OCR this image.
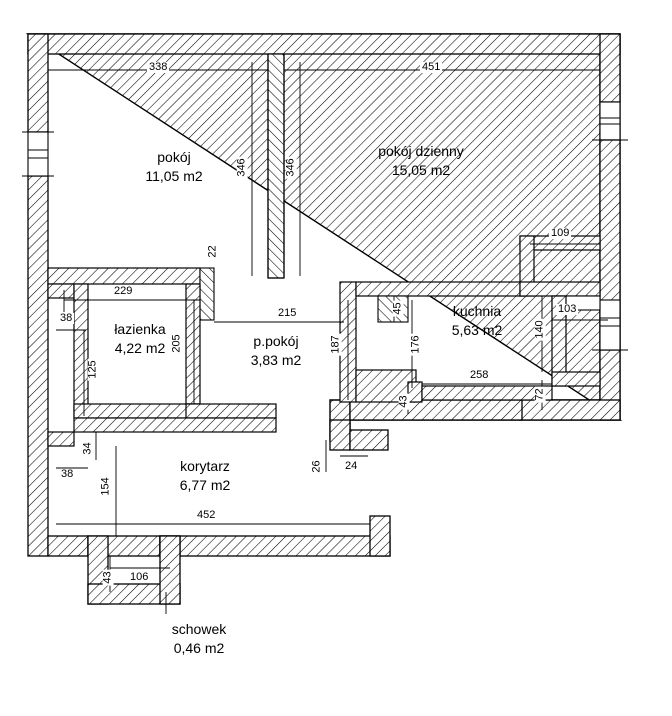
pokój
11,05 m2
pokój dzienny
15,05 m2
kuchnia
5,63 m2
łazienka
4,22 m2	p.pokój
3,83 m2
korytarz
6,77 m2
schowek
0,46 m2
338	451
346	346
109
22
229
215	45	103
38
205	187	176
140
125	258
72
43
34
26 24
38
154
452
43 106
